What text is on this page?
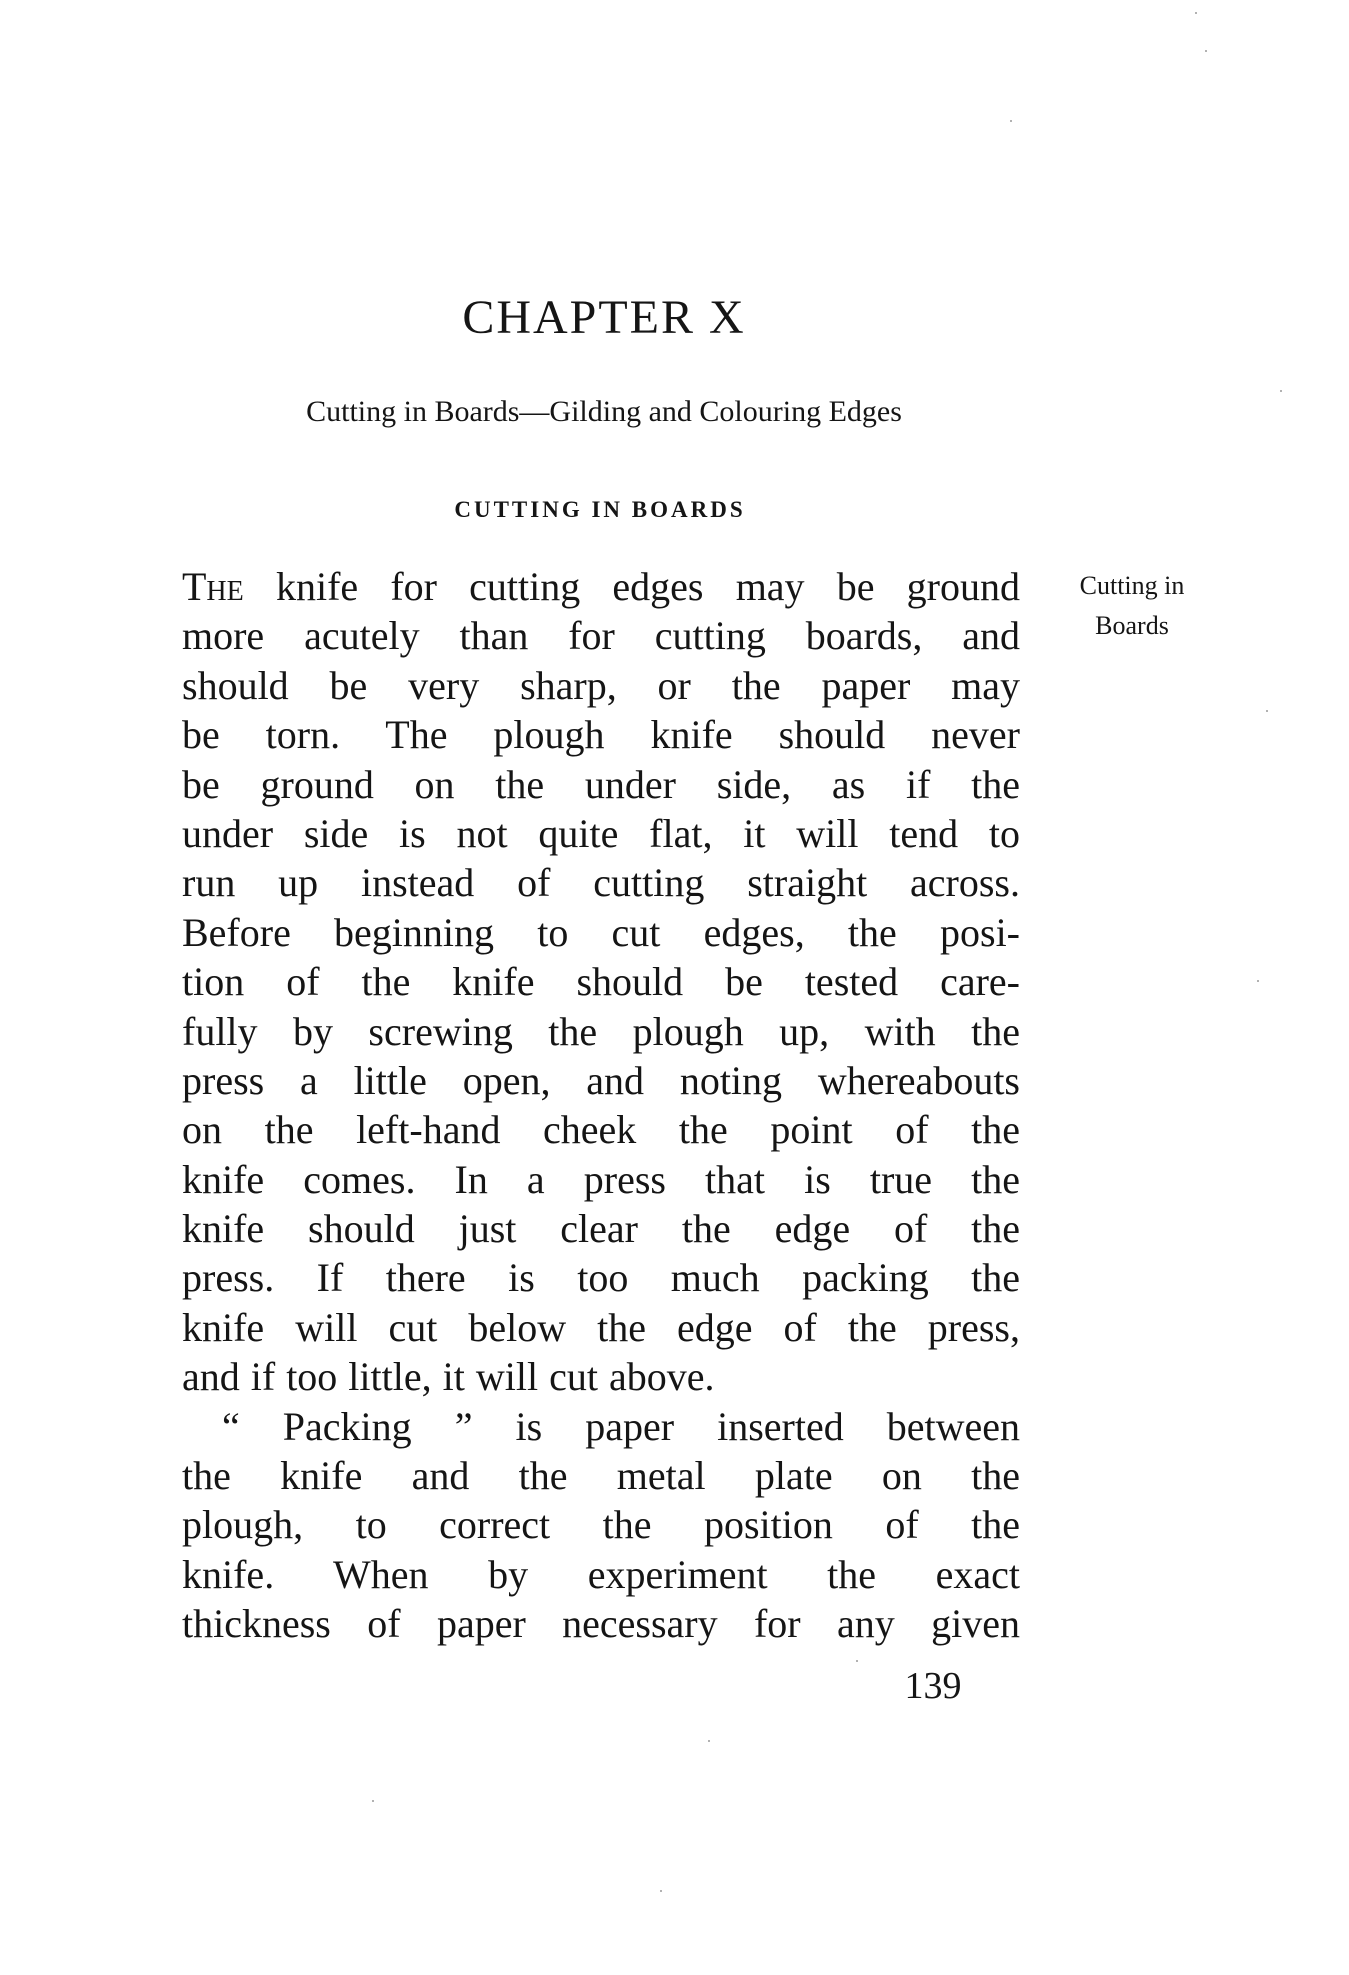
CHAPTER X

Cutting in Boards—Gilding and Colouring Edges

CUTTING IN BOARDS
The knife for cutting edges may be ground
more acutely than for cutting boards, and
should be very sharp, or the paper may
be torn. The plough knife should never
be ground on the under side, as if the
under side is not quite flat, it will tend to
run up instead of cutting straight across.
Before beginning to cut edges, the posi-
tion of the knife should be tested care-
fully by screwing the plough up, with the
press a little open, and noting whereabouts
on the left-hand cheek the point of the
knife comes. In a press that is true the
knife should just clear the edge of the
press. If there is too much packing the
knife will cut below the edge of the press,
and if too little, it will cut above.
“ Packing ” is paper inserted between
the knife and the metal plate on the
plough, to correct the position of the
knife. When by experiment the exact
thickness of paper necessary for any given
Cutting in
Boards
139
